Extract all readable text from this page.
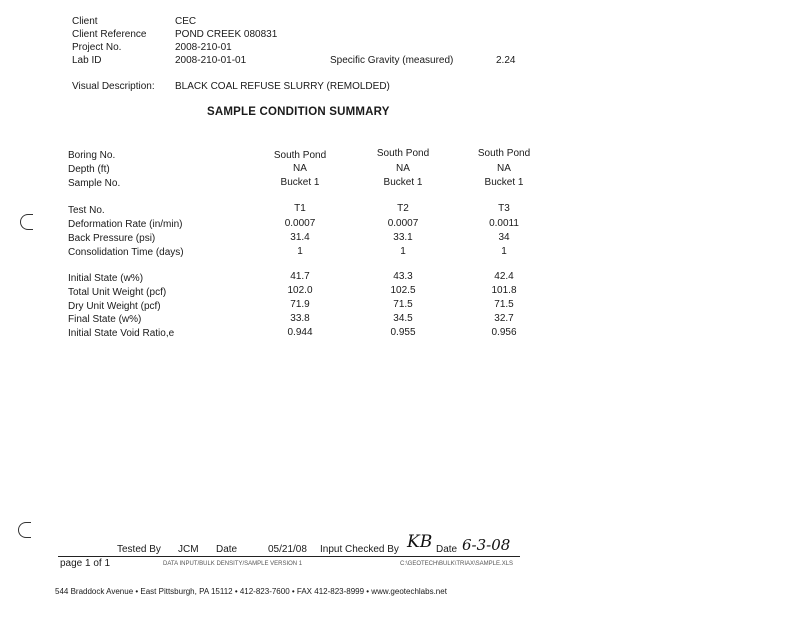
Client	CEC
Client Reference	POND CREEK 080831
Project No.	2008-210-01
Lab ID	2008-210-01-01	Specific Gravity (measured)	2.24
Visual Description: BLACK COAL REFUSE SLURRY (REMOLDED)
SAMPLE CONDITION SUMMARY
Boring No.	South Pond	South Pond	South Pond
Depth (ft)	NA	NA	NA
Sample No.	Bucket 1	Bucket 1	Bucket 1
Test No.	T1	T2	T3
Deformation Rate (in/min)	0.0007	0.0007	0.0011
Back Pressure (psi)	31.4	33.1	34
Consolidation Time (days)	1	1	1
Initial State (w%)	41.7	43.3	42.4
Total Unit Weight (pcf)	102.0	102.5	101.8
Dry Unit Weight (pcf)	71.9	71.5	71.5
Final State (w%)	33.8	34.5	32.7
Initial State Void Ratio,e	0.944	0.955	0.956
Tested By JCM Date	05/21/08 Input Checked By KB Date 6-3-08
page 1 of 1	DATA INPUT/BULK DENSITY/SAMPLE VERSION 1	C:\GEOTECH\BULK\TRIAX\SAMPLE.XLS
544 Braddock Avenue • East Pittsburgh, PA 15112 • 412-823-7600 • FAX 412-823-8999 • www.geotechlabs.net
